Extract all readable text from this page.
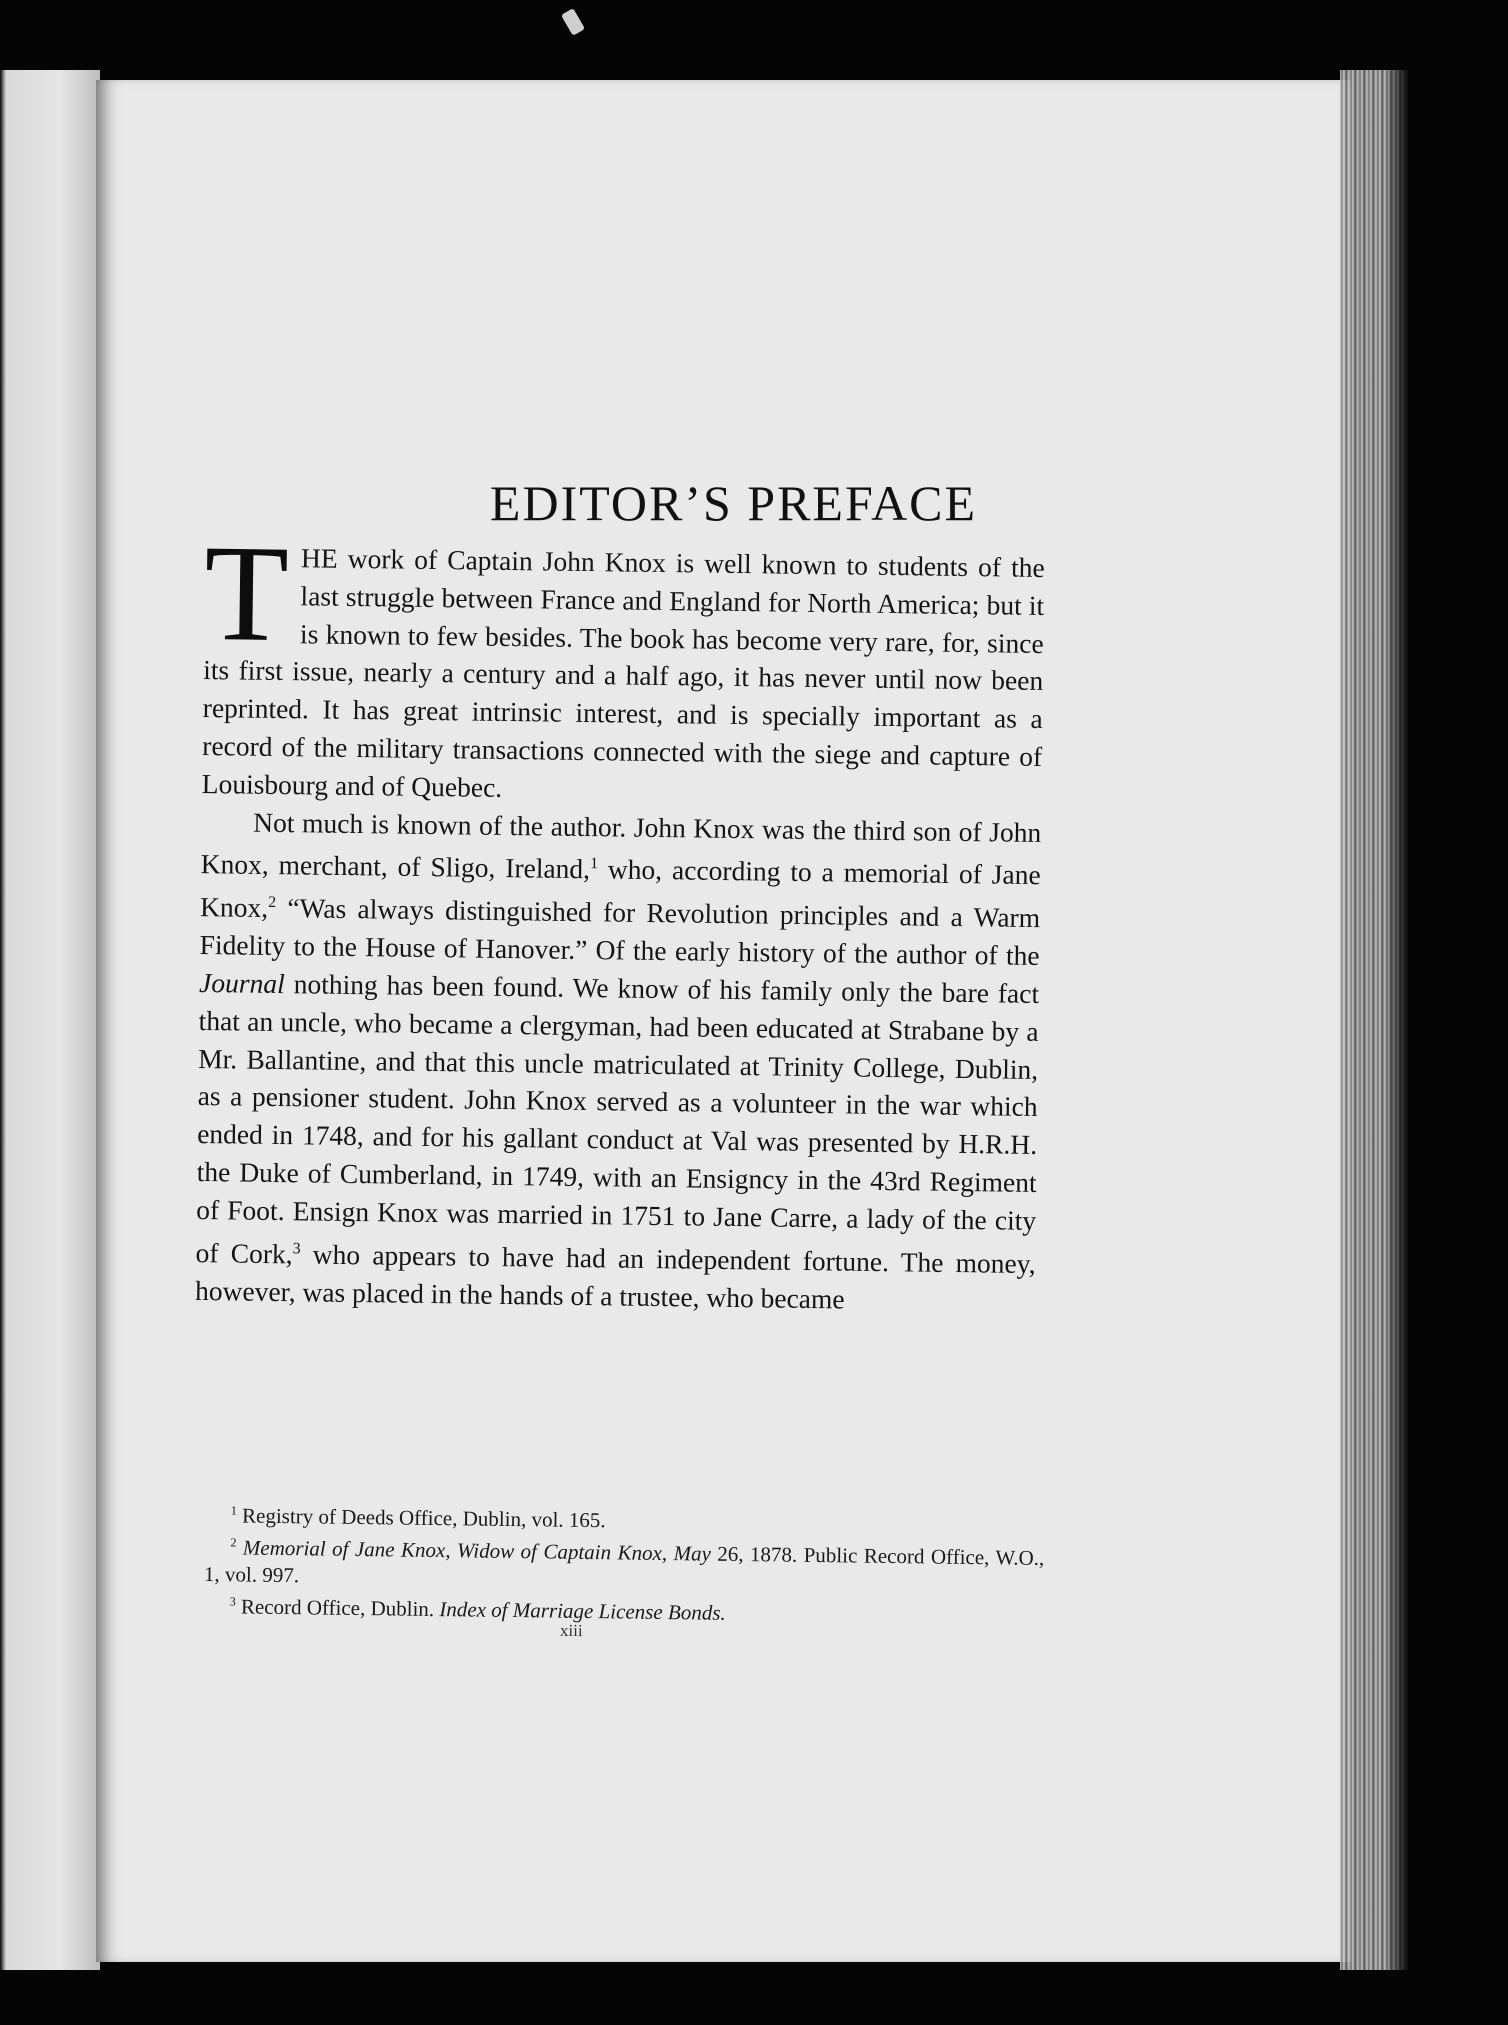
EDITOR’S PREFACE

THE work of Captain John Knox is well known to students of the last struggle between France and England for North America; but it is known to few besides. The book has become very rare, for, since its first issue, nearly a century and a half ago, it has never until now been reprinted. It has great intrinsic interest, and is specially important as a record of the military transactions connected with the siege and capture of Louisbourg and of Quebec.

Not much is known of the author. John Knox was the third son of John Knox, merchant, of Sligo, Ireland,$^1$ who, according to a memorial of Jane Knox,$^2$ “Was always distinguished for Revolution principles and a Warm Fidelity to the House of Hanover.” Of the early history of the author of the Journal nothing has been found. We know of his family only the bare fact that an uncle, who became a clergyman, had been educated at Strabane by a Mr. Ballantine, and that this uncle matriculated at Trinity College, Dublin, as a pensioner student. John Knox served as a volunteer in the war which ended in 1748, and for his gallant conduct at Val was presented by H.R.H. the Duke of Cumberland, in 1749, with an Ensigncy in the 43rd Regiment of Foot. Ensign Knox was married in 1751 to Jane Carre, a lady of the city of Cork,$^3$ who appears to have had an independent fortune. The money, however, was placed in the hands of a trustee, who became

$^1$ Registry of Deeds Office, Dublin, vol. 165.

$^2$ Memorial of Jane Knox, Widow of Captain Knox, May 26, 1878. Public Record Office, W.O., 1, vol. 997.

$^3$ Record Office, Dublin. Index of Marriage License Bonds.

xiii
